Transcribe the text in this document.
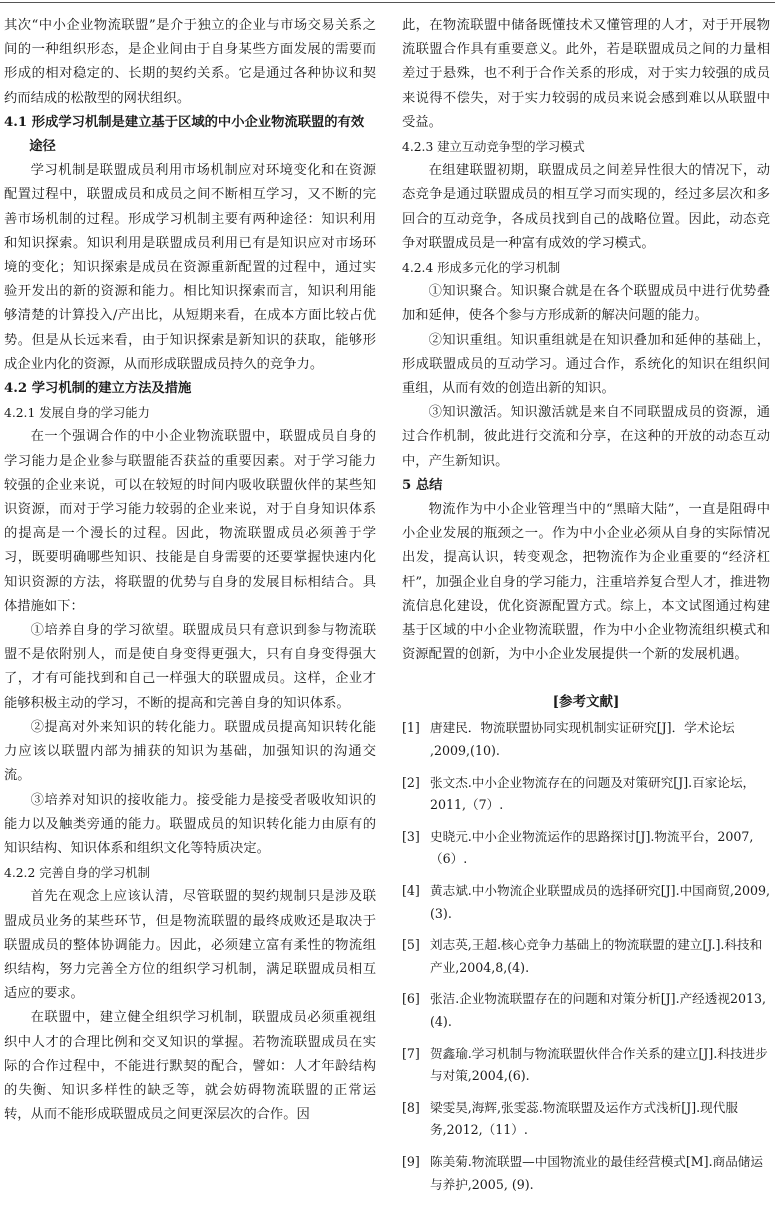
其次“中小企业物流联盟”是介于独立的企业与市场交易关系之间的一种组织形态，是企业间由于自身某些方面发展的需要而形成的相对稳定的、长期的契约关系。它是通过各种协议和契约而结成的松散型的网状组织。

4.1 形成学习机制是建立基于区域的中小企业物流联盟的有效途径

学习机制是联盟成员利用市场机制应对环境变化和在资源配置过程中，联盟成员和成员之间不断相互学习，又不断的完善市场机制的过程。形成学习机制主要有两种途径：知识利用和知识探索。知识利用是联盟成员利用已有是知识应对市场环境的变化；知识探索是成员在资源重新配置的过程中，通过实验开发出的新的资源和能力。相比知识探索而言，知识利用能够清楚的计算投入/产出比，从短期来看，在成本方面比较占优势。但是从长远来看，由于知识探索是新知识的获取，能够形成企业内化的资源，从而形成联盟成员持久的竞争力。

4.2 学习机制的建立方法及措施
4.2.1 发展自身的学习能力

在一个强调合作的中小企业物流联盟中，联盟成员自身的学习能力是企业参与联盟能否获益的重要因素。对于学习能力较强的企业来说，可以在较短的时间内吸收联盟伙伴的某些知识资源，而对于学习能力较弱的企业来说，对于自身知识体系的提高是一个漫长的过程。因此，物流联盟成员必须善于学习，既要明确哪些知识、技能是自身需要的还要掌握快速内化知识资源的方法，将联盟的优势与自身的发展目标相结合。具体措施如下：

①培养自身的学习欲望。联盟成员只有意识到参与物流联盟不是依附别人，而是使自身变得更强大，只有自身变得强大了，才有可能找到和自己一样强大的联盟成员。这样，企业才能够积极主动的学习，不断的提高和完善自身的知识体系。

②提高对外来知识的转化能力。联盟成员提高知识转化能力应该以联盟内部为捕获的知识为基础，加强知识的沟通交流。

③培养对知识的接收能力。接受能力是接受者吸收知识的能力以及触类旁通的能力。联盟成员的知识转化能力由原有的知识结构、知识体系和组织文化等特质决定。

4.2.2 完善自身的学习机制

首先在观念上应该认清，尽管联盟的契约规制只是涉及联盟成员业务的某些环节，但是物流联盟的最终成败还是取决于联盟成员的整体协调能力。因此，必须建立富有柔性的物流组织结构，努力完善全方位的组织学习机制，满足联盟成员相互适应的要求。

在联盟中，建立健全组织学习机制，联盟成员必须重视组织中人才的合理比例和交叉知识的掌握。若物流联盟成员在实际的合作过程中，不能进行默契的配合，譬如：人才年龄结构的失衡、知识多样性的缺乏等，就会妨碍物流联盟的正常运转，从而不能形成联盟成员之间更深层次的合作。因

此，在物流联盟中储备既懂技术又懂管理的人才，对于开展物流联盟合作具有重要意义。此外，若是联盟成员之间的力量相差过于悬殊，也不利于合作关系的形成，对于实力较强的成员来说得不偿失，对于实力较弱的成员来说会感到难以从联盟中受益。

4.2.3 建立互动竞争型的学习模式

在组建联盟初期，联盟成员之间差异性很大的情况下，动态竞争是通过联盟成员的相互学习而实现的，经过多层次和多回合的互动竞争，各成员找到自己的战略位置。因此，动态竞争对联盟成员是一种富有成效的学习模式。

4.2.4 形成多元化的学习机制

①知识聚合。知识聚合就是在各个联盟成员中进行优势叠加和延伸，使各个参与方形成新的解决问题的能力。

②知识重组。知识重组就是在知识叠加和延伸的基础上，形成联盟成员的互动学习。通过合作，系统化的知识在组织间重组，从而有效的创造出新的知识。

③知识激活。知识激活就是来自不同联盟成员的资源，通过合作机制，彼此进行交流和分享，在这种的开放的动态互动中，产生新知识。

5 总结

物流作为中小企业管理当中的“黑暗大陆”，一直是阻碍中小企业发展的瓶颈之一。作为中小企业必须从自身的实际情况出发，提高认识，转变观念，把物流作为企业重要的“经济杠杆”，加强企业自身的学习能力，注重培养复合型人才，推进物流信息化建设，优化资源配置方式。综上，本文试图通过构建基于区域的中小企业物流联盟，作为中小企业物流组织模式和资源配置的创新，为中小企业发展提供一个新的发展机遇。

[参考文献]
[1] 唐建民．物流联盟协同实现机制实证研究[J]．学术论坛 ,2009,(10).
[2] 张文杰.中小企业物流存在的问题及对策研究[J].百家论坛，2011,（7）.
[3] 史晓元.中小企业物流运作的思路探讨[J].物流平台，2007,（6）.
[4] 黄志斌.中小物流企业联盟成员的选择研究[J].中国商贸,2009,(3).
[5] 刘志英,王超.核心竞争力基础上的物流联盟的建立[J.].科技和产业,2004,8,(4).
[6] 张洁.企业物流联盟存在的问题和对策分析[J].产经透视2013,(4).
[7] 贺鑫瑜.学习机制与物流联盟伙伴合作关系的建立[J].科技进步与对策,2004,(6).
[8] 梁雯昊,海辉,张雯蕊.物流联盟及运作方式浅析[J].现代服务,2012,（11）.
[9] 陈美菊.物流联盟—中国物流业的最佳经营模式[M].商品储运与养护,2005, (9).
